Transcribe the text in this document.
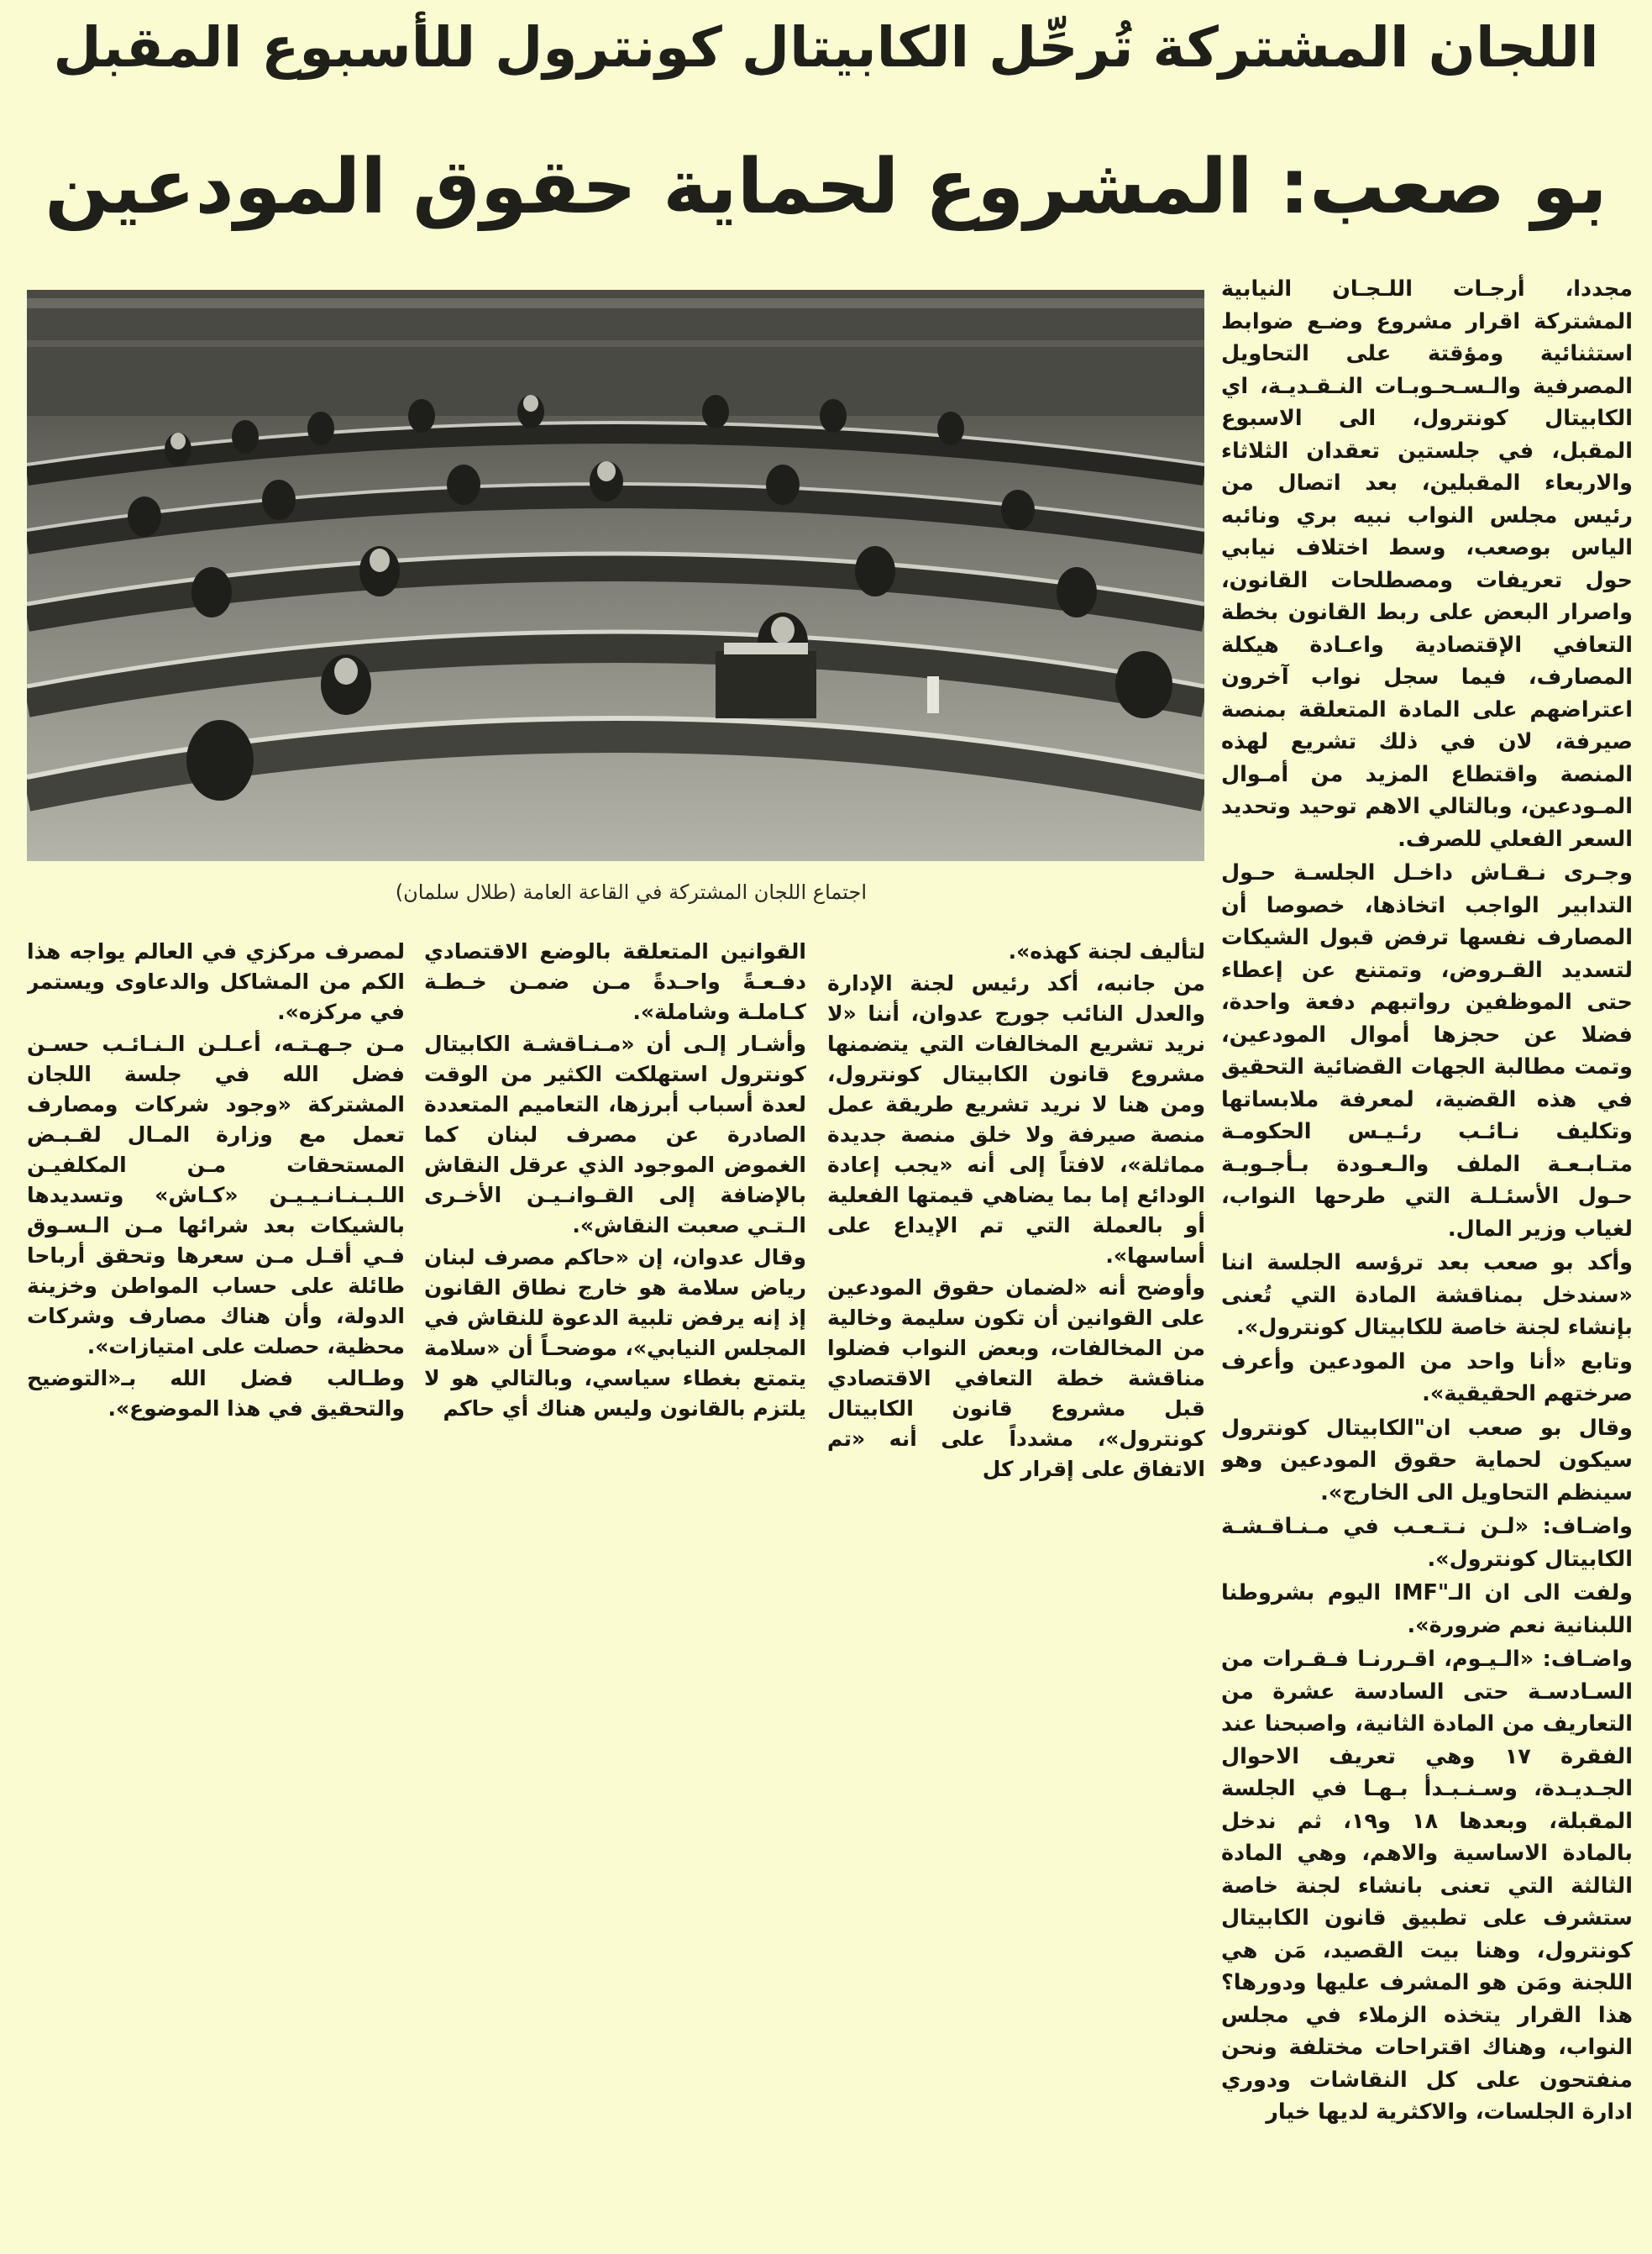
اللجان المشتركة تُرحِّل الكابيتال كونترول للأسبوع المقبل
بو صعب: المشروع لحماية حقوق المودعين
اجتماع اللجان المشتركة في القاعة العامة (طلال سلمان)

مجددا، أرجـات اللـجـان النيابية المشتركة اقرار مشروع وضـع ضوابط استثنائية ومؤقتة على التحاويل المصرفية والـسـحـوبـات النـقـديـة، اي الكابيتال كونترول، الى الاسبوع المقبل، في جلستين تعقدان الثلاثاء والاربعاء المقبلين، بعد اتصال من رئيس مجلس النواب نبيه بري ونائبه الياس بوصعب، وسط اختلاف نيابي حول تعريفات ومصطلحات القانون، واصرار البعض على ربط القانون بخطة التعافي الإقتصادية واعـادة هيكلة المصارف، فيما سجل نواب آخرون اعتراضهم على المادة المتعلقة بمنصة صيرفة، لان في ذلك تشريع لهذه المنصة واقتطاع المزيد من أمـوال المـودعين، وبالتالي الاهم توحيد وتحديد السعر الفعلي للصرف.

وجـرى نـقـاش داخـل الجلسـة حـول التدابير الواجب اتخاذها، خصوصا أن المصارف نفسها ترفض قبول الشيكات لتسديد القـروض، وتمتنع عن إعطاء حتى الموظفين رواتبهم دفعة واحدة، فضلا عن حجزها أموال المودعين، وتمت مطالبة الجهات القضائية التحقيق في هذه القضية، لمعرفة ملابساتها وتكليف نـائـب رئـيـس الحكومـة متـابـعـة الملف والـعـودة بـأجـوبـة حـول الأسئـلـة التي طرحها النواب، لغياب وزير المال.

وأكد بو صعب بعد ترؤسه الجلسة اننا «سندخل بمناقشة المادة التي تُعنى بإنشاء لجنة خاصة للكابيتال كونترول».

وتابع «أنا واحد من المودعين وأعرف صرختهم الحقيقية».

وقال بو صعب ان"الكابيتال كونترول سيكون لحماية حقوق المودعين وهو سينظم التحاويل الى الخارج».

واضـاف: «لـن نـتـعـب في مـنـاقـشـة الكابيتال كونترول».

ولفت الى ان الـ"IMF اليوم بشروطنا اللبنانية نعم ضرورة».

واضـاف: «الـيـوم، اقـررنـا فـقـرات من السـادسـة حتى السادسة عشرة من التعاريف من المادة الثانية، واصبحنا عند الفقرة ١٧ وهي تعريف الاحوال الجـديـدة، وسـنـبـدأ بـهـا في الجلسة المقبلة، وبعدها ١٨ و١٩، ثم ندخل بالمادة الاساسية والاهم، وهي المادة الثالثة التي تعنى بانشاء لجنة خاصة ستشرف على تطبيق قانون الكابيتال كونترول، وهنا بيت القصيد، مَن هي اللجنة ومَن هو المشرف عليها ودورها؟ هذا القرار يتخذه الزملاء في مجلس النواب، وهناك اقتراحات مختلفة ونحن منفتحون على كل النقاشات ودوري ادارة الجلسات، والاكثرية لديها خيار

لتأليف لجنة كهذه».

من جانبه، أكد رئيس لجنة الإدارة والعدل النائب جورج عدوان، أننا «لا نريد تشريع المخالفات التي يتضمنها مشروع قانون الكابيتال كونترول، ومن هنا لا نريد تشريع طريقة عمل منصة صيرفة ولا خلق منصة جديدة مماثلة»، لافتاً إلى أنه «يجب إعادة الودائع إما بما يضاهي قيمتها الفعلية أو بالعملة التي تم الإيداع على أساسها».

وأوضح أنه «لضمان حقوق المودعين على القوانين أن تكون سليمة وخالية من المخالفات، وبعض النواب فضلوا مناقشة خطة التعافي الاقتصادي قبل مشروع قانون الكابيتال كونترول»، مشدداً على أنه «تم الاتفاق على إقرار كل

القوانين المتعلقة بالوضع الاقتصادي دفـعـةً واحـدةً مـن ضمـن خـطـة كـاملـة وشاملة».

وأشـار إلـى أن «مـنـاقشـة الكابيتال كونترول استهلكت الكثير من الوقت لعدة أسباب أبرزها، التعاميم المتعددة الصادرة عن مصرف لبنان كما الغموض الموجود الذي عرقل النقاش بالإضافة إلى القـوانـيـن الأخـرى الـتـي صعبت النقاش».

وقال عدوان، إن «حاكم مصرف لبنان رياض سلامة هو خارج نطاق القانون إذ إنه يرفض تلبية الدعوة للنقاش في المجلس النيابي»، موضحـاً أن «سلامة يتمتع بغطاء سياسي، وبالتالي هو لا يلتزم بالقانون وليس هناك أي حاكم

لمصرف مركزي في العالم يواجه هذا الكم من المشاكل والدعاوى ويستمر في مركزه».

مـن جـهـتـه، أعـلـن الـنـائـب حسـن فضل الله في جلسة اللجان المشتركة «وجود شركات ومصارف تعمل مع وزارة المـال لقـبـض المستحقات مـن المكلفيـن اللـبـنـانـيـيـن «كـاش» وتسديدها بالشيكات بعد شرائها مـن الـسـوق فـي أقـل مـن سعرها وتحقق أرباحا طائلة على حساب المواطن وخزينة الدولة، وأن هناك مصارف وشركات محظية، حصلت على امتيازات».

وطـالب فضل الله بـ«التوضيح والتحقيق في هذا الموضوع».
